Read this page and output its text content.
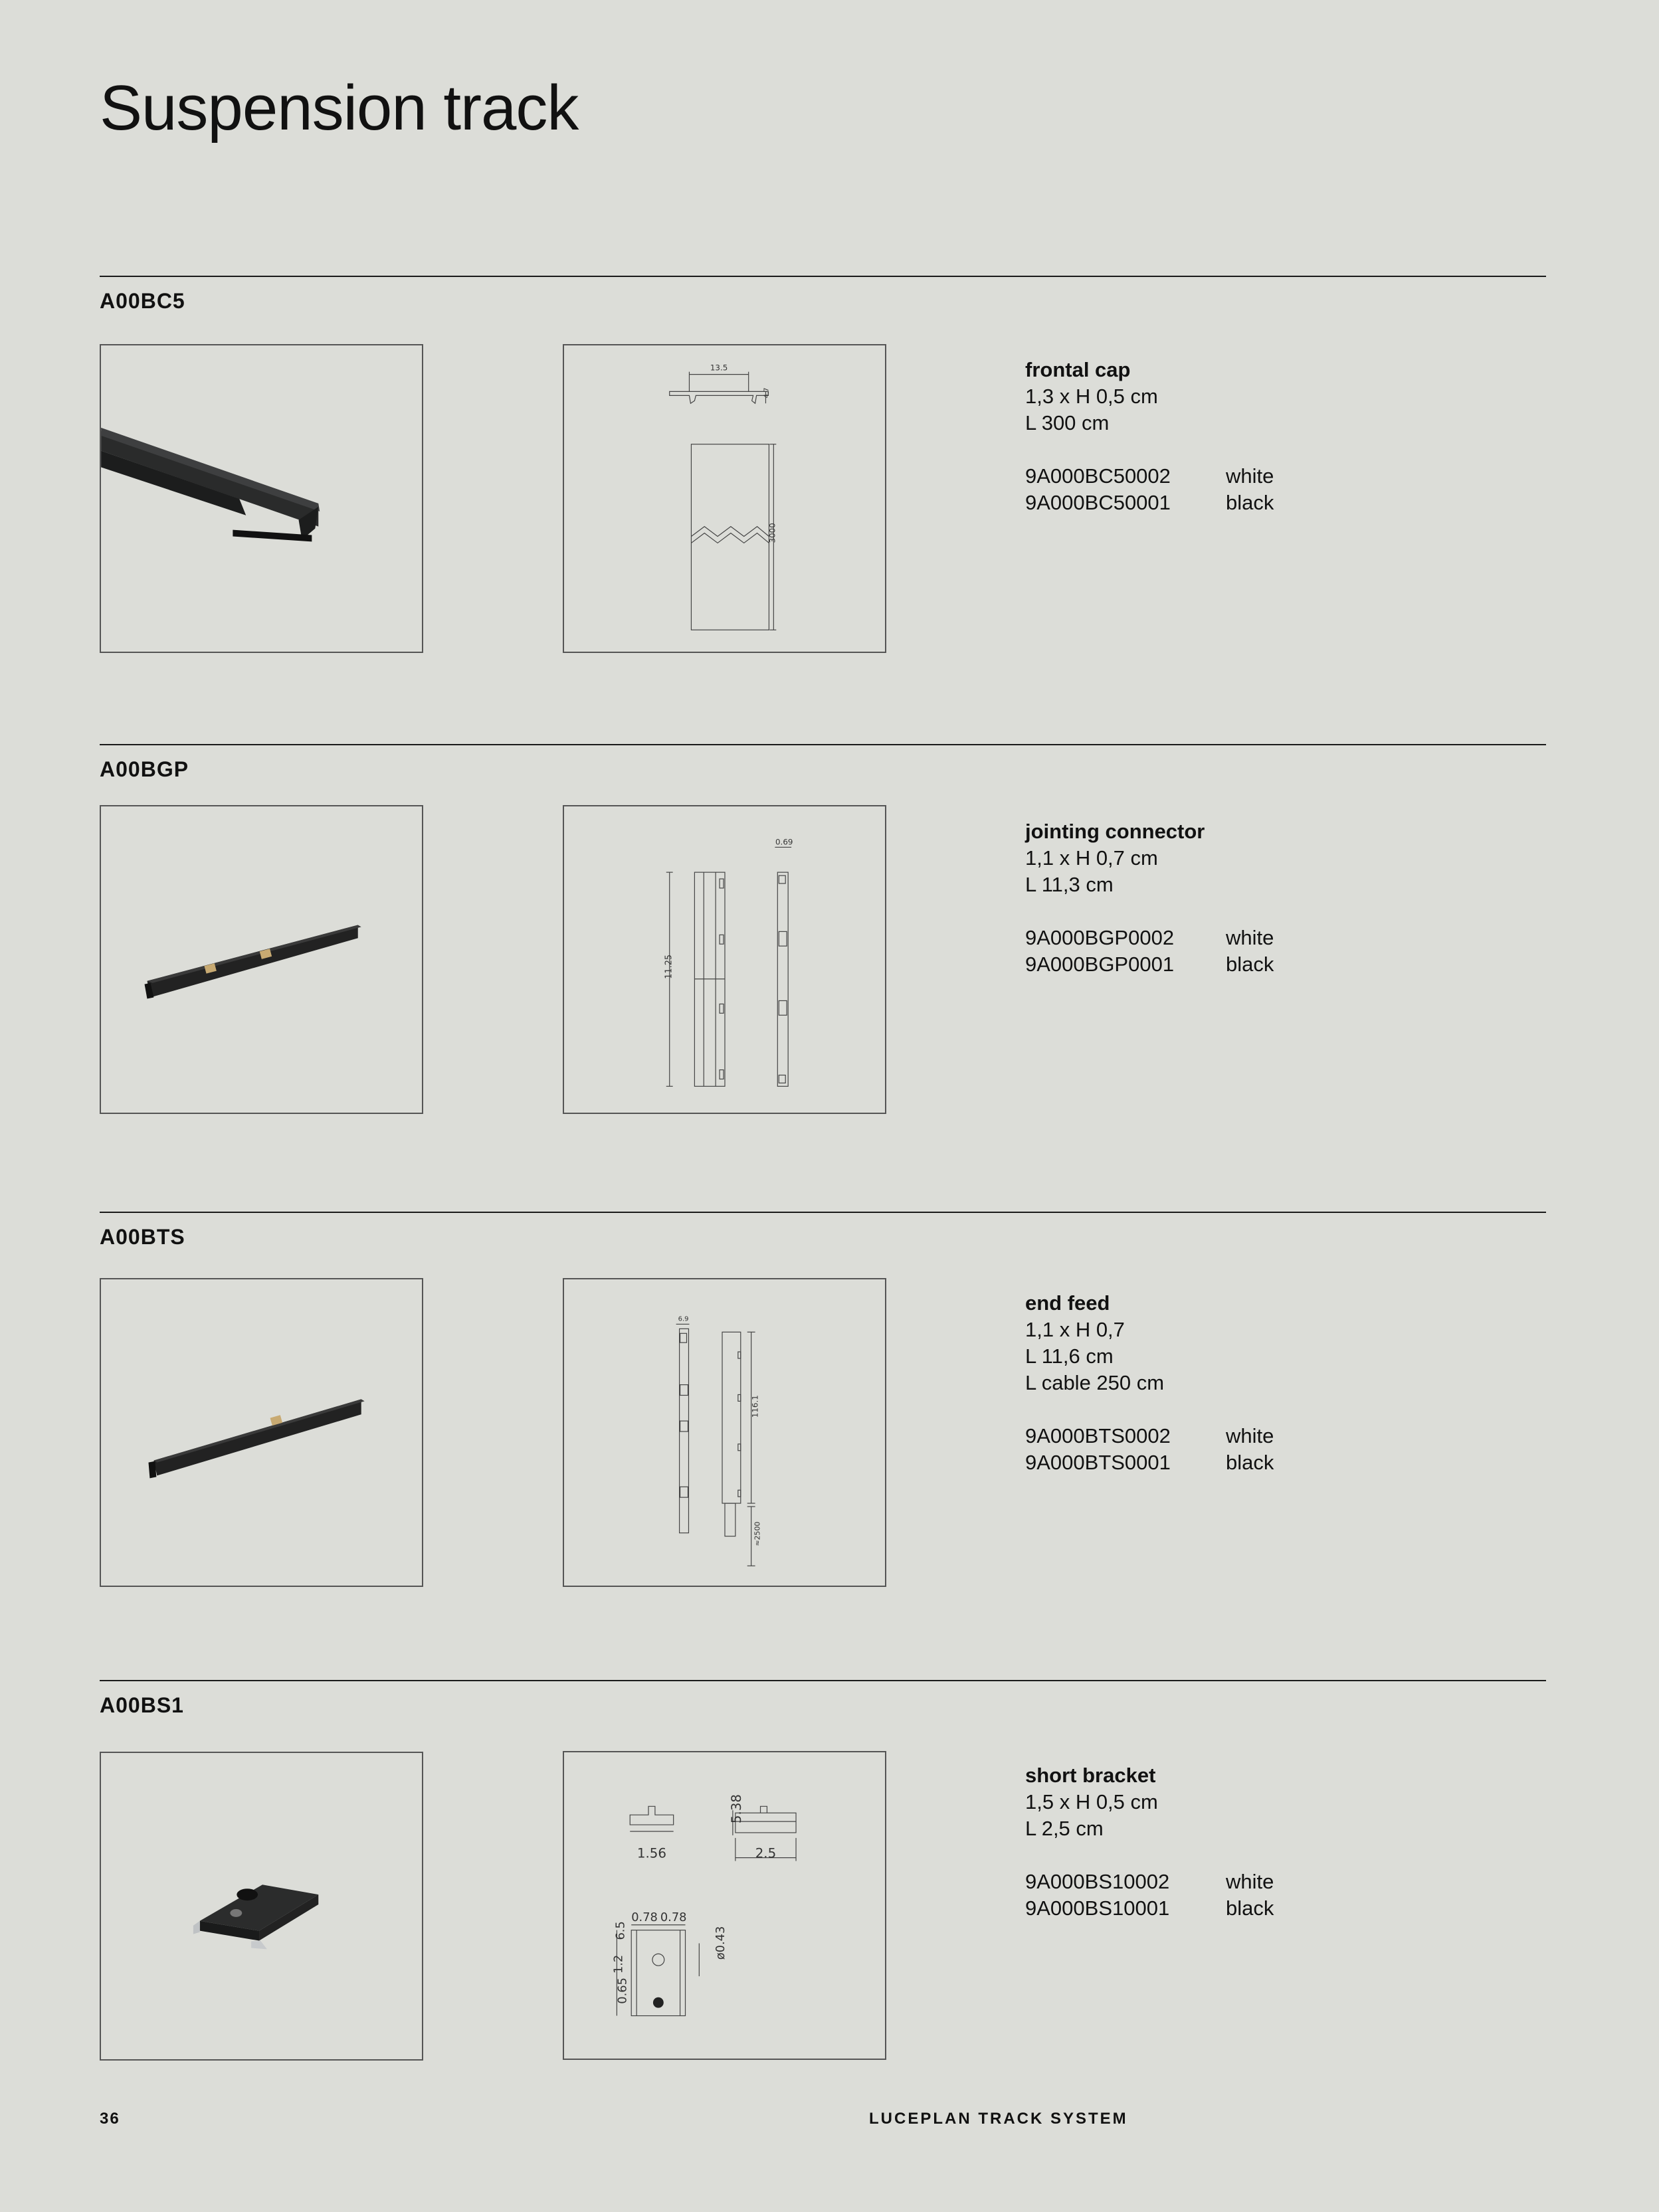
Suspension track
A00BC5
13.5
4.7
3000
frontal cap
1,3 x H 0,5 cm
L 300 cm
9A000BC50002	white
9A000BC50001	black
A00BGP
0.69
11.25
jointing connector
1,1 x H 0,7 cm
L 11,3 cm
9A000BGP0002	white
9A000BGP0001	black
A00BTS
6.9
116.1
≈2500
end feed
1,1 x H 0,7
L 11,6 cm
L cable 250 cm
9A000BTS0002	white
9A000BTS0001	black
A00BS1
1.56
5.38
2.5
0.78 0.78
6.5
1.2
0.65
ø0.43
short bracket
1,5 x H 0,5 cm
L 2,5 cm
9A000BS10002	white
9A000BS10001	black
36	LUCEPLAN TRACK SYSTEM
